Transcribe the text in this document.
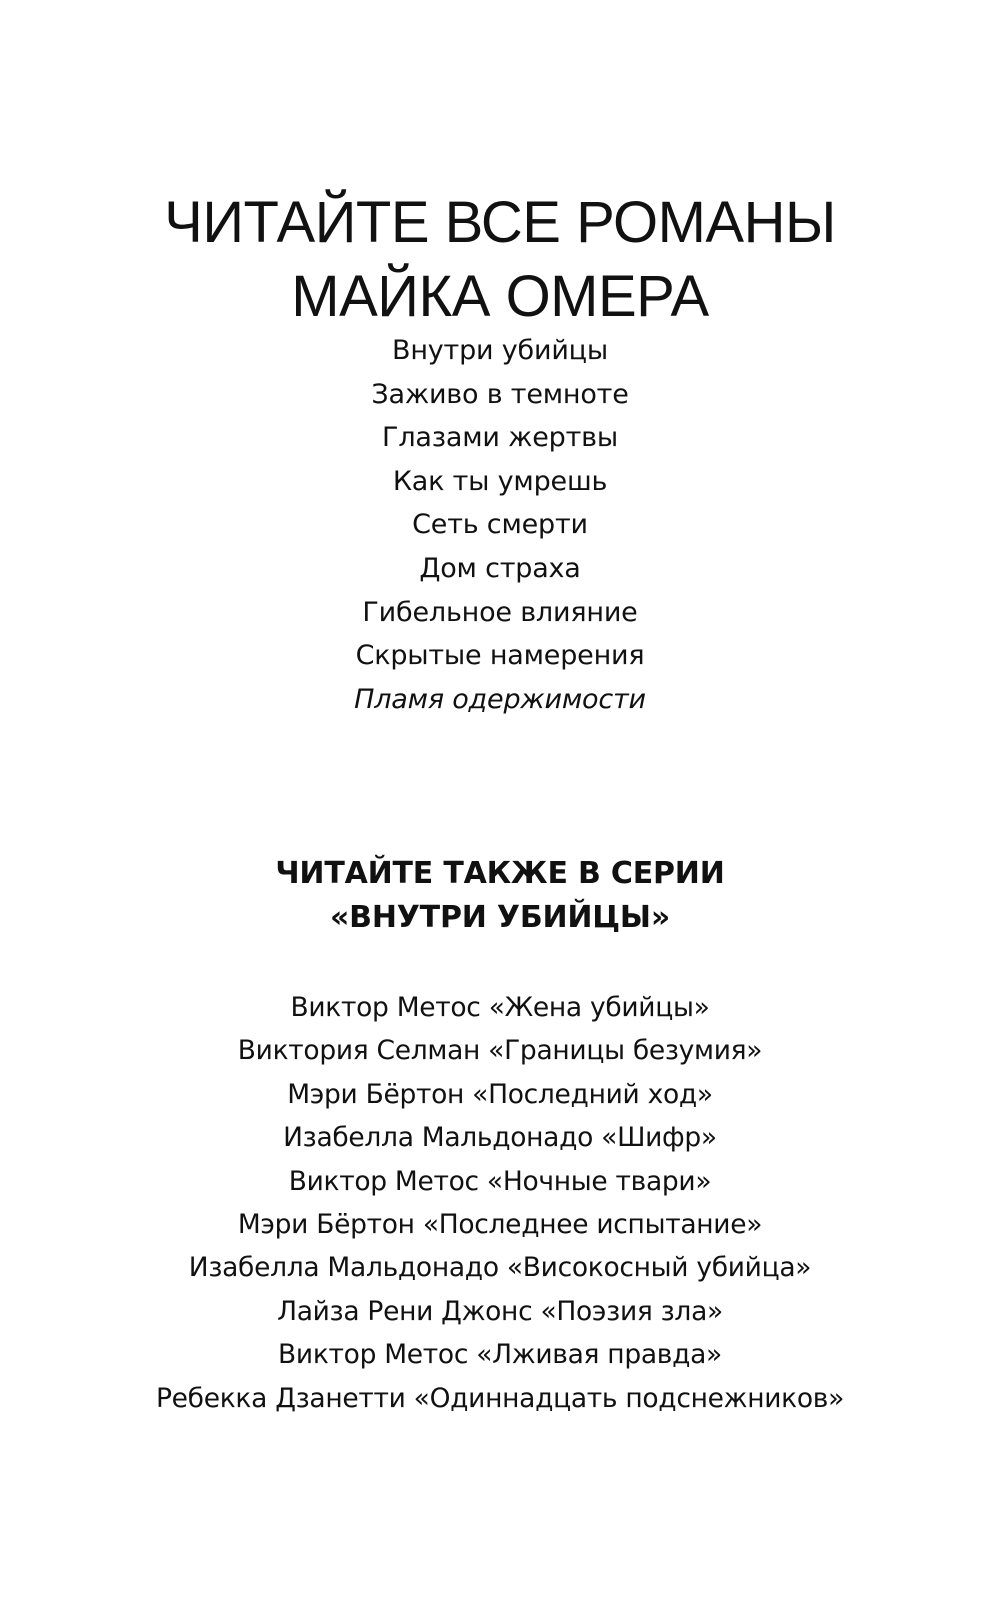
ЧИТАЙТЕ ВСЕ РОМАНЫ
МАЙКА ОМЕРА
Внутри убийцы
Заживо в темноте
Глазами жертвы
Как ты умрешь
Сеть смерти
Дом страха
Гибельное влияние
Скрытые намерения
Пламя одержимости
ЧИТАЙТЕ ТАКЖЕ В СЕРИИ
«ВНУТРИ УБИЙЦЫ»
Виктор Метос «Жена убийцы»
Виктория Селман «Границы безумия»
Мэри Бёртон «Последний ход»
Изабелла Мальдонадо «Шифр»
Виктор Метос «Ночные твари»
Мэри Бёртон «Последнее испытание»
Изабелла Мальдонадо «Високосный убийца»
Лайза Рени Джонс «Поэзия зла»
Виктор Метос «Лживая правда»
Ребекка Дзанетти «Одиннадцать подснежников»
